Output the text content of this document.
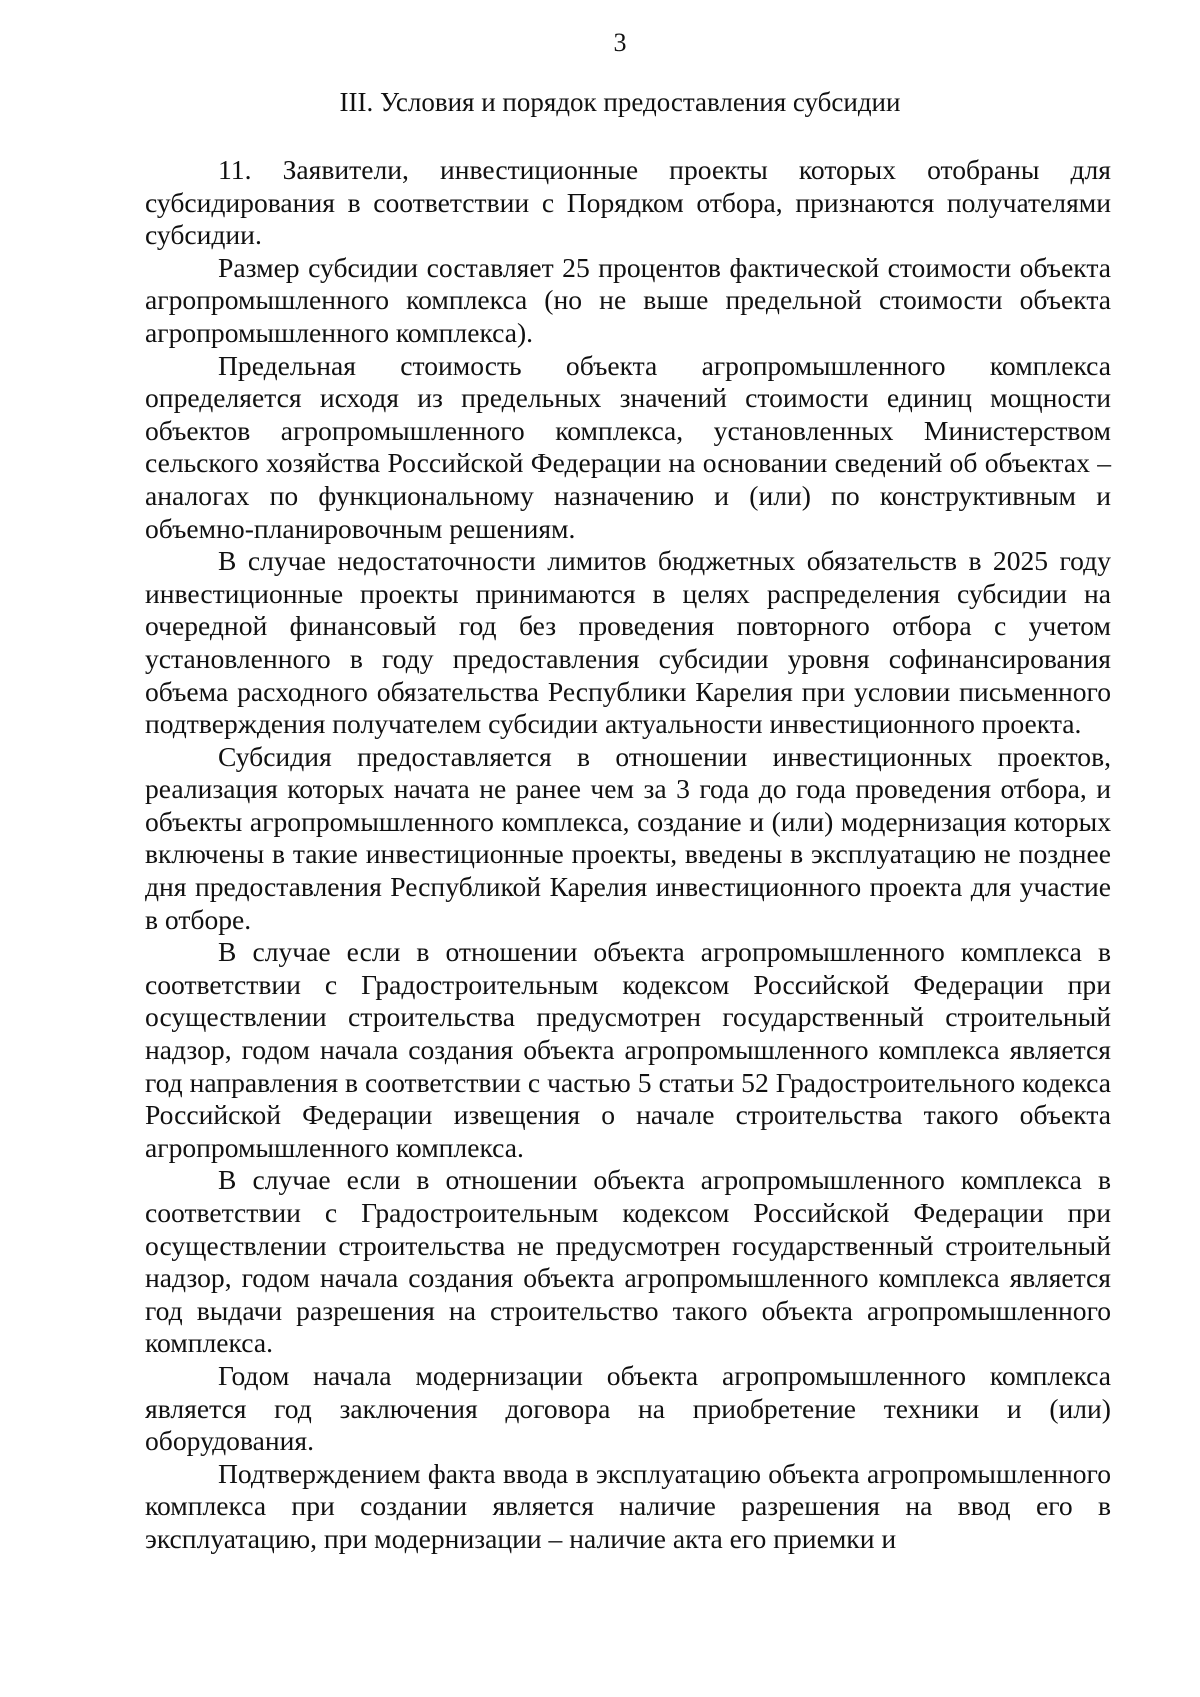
3
III. Условия и порядок предоставления субсидии

11. Заявители, инвестиционные проекты которых отобраны для субсидирования в соответствии с Порядком отбора, признаются получателями субсидии.

Размер субсидии составляет 25 процентов фактической стоимости объекта агропромышленного комплекса (но не выше предельной стоимости объекта агропромышленного комплекса).

Предельная стоимость объекта агропромышленного комплекса определяется исходя из предельных значений стоимости единиц мощности объектов агропромышленного комплекса, установленных Министерством сельского хозяйства Российской Федерации на основании сведений об объектах – аналогах по функциональному назначению и (или) по конструктивным и объемно-планировочным решениям.

В случае недостаточности лимитов бюджетных обязательств в 2025 году инвестиционные проекты принимаются в целях распределения субсидии на очередной финансовый год без проведения повторного отбора с учетом установленного в году предоставления субсидии уровня софинансирования объема расходного обязательства Республики Карелия при условии письменного подтверждения получателем субсидии актуальности инвестиционного проекта.

Субсидия предоставляется в отношении инвестиционных проектов, реализация которых начата не ранее чем за 3 года до года проведения отбора, и объекты агропромышленного комплекса, создание и (или) модернизация которых включены в такие инвестиционные проекты, введены в эксплуатацию не позднее дня предоставления Республикой Карелия инвестиционного проекта для участие в отборе.

В случае если в отношении объекта агропромышленного комплекса в соответствии с Градостроительным кодексом Российской Федерации при осуществлении строительства предусмотрен государственный строительный надзор, годом начала создания объекта агропромышленного комплекса является год направления в соответствии с частью 5 статьи 52 Градостроительного кодекса Российской Федерации извещения о начале строительства такого объекта агропромышленного комплекса.

В случае если в отношении объекта агропромышленного комплекса в соответствии с Градостроительным кодексом Российской Федерации при осуществлении строительства не предусмотрен государственный строительный надзор, годом начала создания объекта агропромышленного комплекса является год выдачи разрешения на строительство такого объекта агропромышленного комплекса.

Годом начала модернизации объекта агропромышленного комплекса является год заключения договора на приобретение техники и (или) оборудования.

Подтверждением факта ввода в эксплуатацию объекта агропромышленного комплекса при создании является наличие разрешения на ввод его в эксплуатацию, при модернизации – наличие акта его приемки и
